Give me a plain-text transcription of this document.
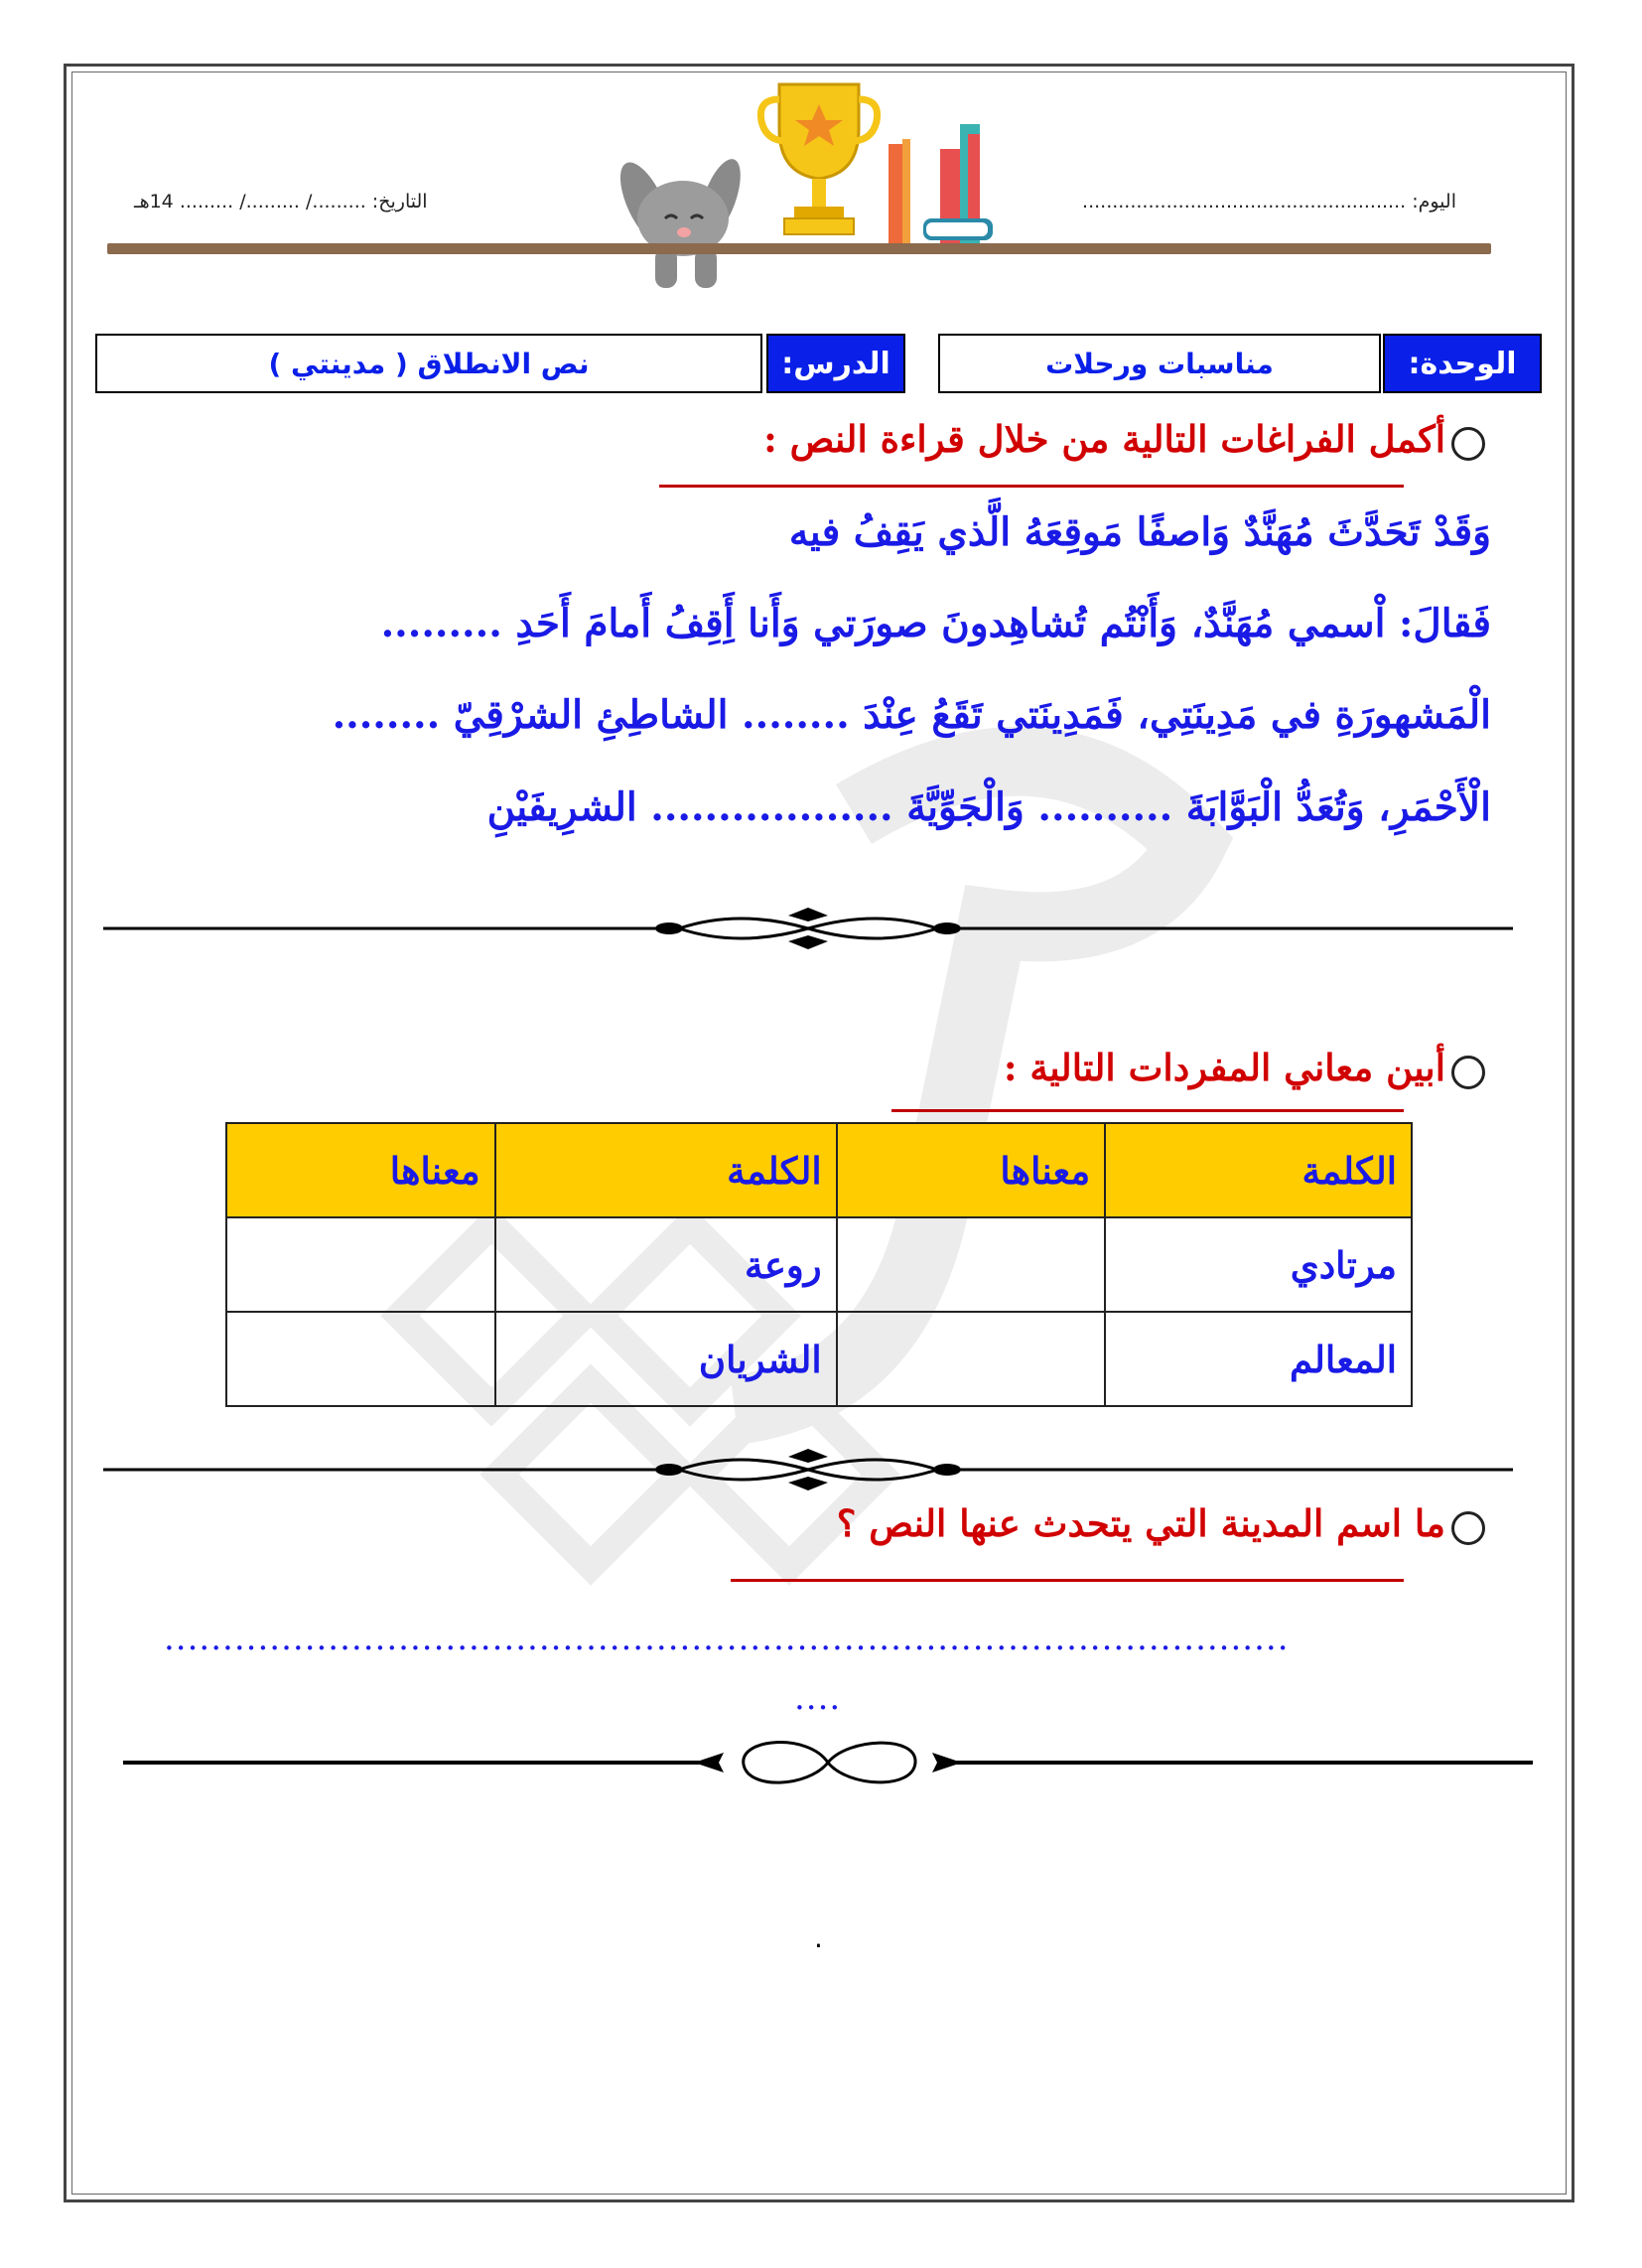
اليوم: ......................................................
التاريخ: ........./ ........./ ......... 14هـ
الوحدة:
مناسبات ورحلات
الدرس:
نص الانطلاق ( مدينتي )
أكمل الفراغات التالية من خلال قراءة النص :
وَقَدْ تَحَدَّثَ مُهَنَّدٌ وَاصفًا مَوقِعَهُ الَّذي يَقِفُ فيه
فَقالَ: اْسمي مُهَنَّدٌ، وَأَنْتُم تُشاهِدونَ صورَتي وَأَنا أَِقِفُ أَمامَ أَحَدِ .........
الْمَشهورَةِ في مَدِينَتِي، فَمَدِينَتي تَقَعُ عِنْدَ ........ الشاطِئِ الشرْقِيّ ........
الْأَحْمَرِ، وَتُعَدُّ الْبَوَّابَةَ .......... وَالْجَوِّيَّةَ .................. الشرِيفَيْنِ
أبين معاني المفردات التالية :
الكلمة	معناها	الكلمة	معناها
مرتادي		روعة	
المعالم		الشريان	
ما اسم المدينة التي يتحدث عنها النص ؟
................................................................................................
....
.
